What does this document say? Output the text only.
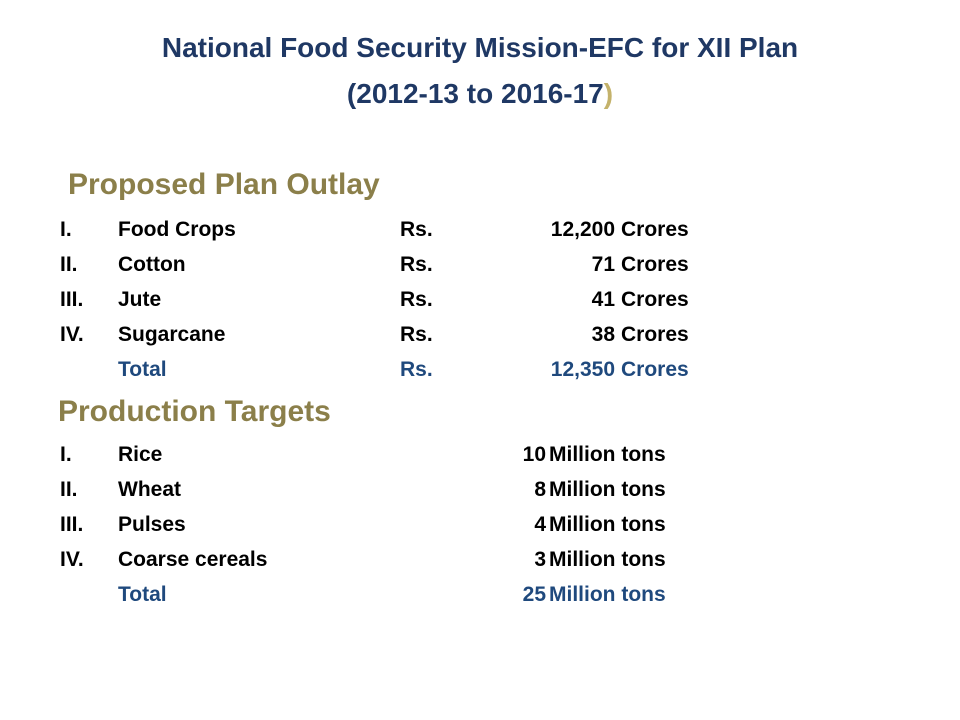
National Food Security Mission-EFC for XII Plan
(2012-13 to 2016-17)
Proposed Plan Outlay
I. Food Crops	Rs.	12,200 Crores
II. Cotton	Rs.	71 Crores
III. Jute	Rs.	41 Crores
IV. Sugarcane	Rs.	38 Crores
Total	Rs.	12,350 Crores
Production Targets
I. Rice	10 Million tons
II. Wheat	8 Million tons
III. Pulses	4 Million tons
IV. Coarse cereals	3 Million tons
Total	25 Million tons
